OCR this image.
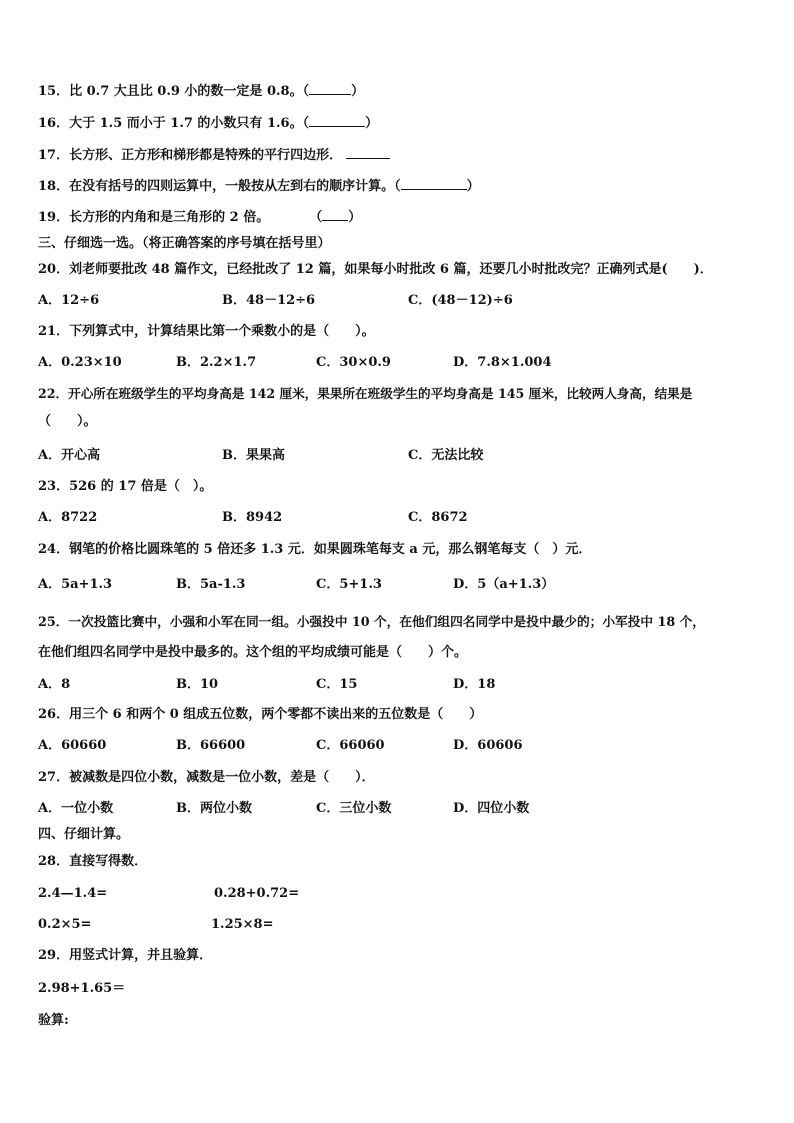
15．比 0.7 大且比 0.9 小的数一定是 0.8。（	）
16．大于 1.5 而小于 1.7 的小数只有 1.6。（	）
17．长方形、正方形和梯形都是特殊的平行四边形．
18．在没有括号的四则运算中，一般按从左到右的顺序计算。（	）
19．长方形的内角和是三角形的 2 倍。	（ ）
三、仔细选一选。（将正确答案的序号填在括号里）
20．刘老师要批改 48 篇作文，已经批改了 12 篇，如果每小时批改 6 篇，还要几小时批改完？正确列式是(　　)．
A．12÷6	B．48－12÷6	C．(48－12)÷6
21．下列算式中，计算结果比第一个乘数小的是（　　）。
A．0.23×10	B．2.2×1.7	C．30×0.9	D．7.8×1.004
22．开心所在班级学生的平均身高是 142 厘米，果果所在班级学生的平均身高是 145 厘米，比较两人身高，结果是
（　　）。
A．开心高	B．果果高	C．无法比较
23．526 的 17 倍是（　）。
A．8722	B．8942	C．8672
24．钢笔的价格比圆珠笔的 5 倍还多 1.3 元．如果圆珠笔每支 a 元，那么钢笔每支（　）元．
A．5a+1.3	B．5a-1.3	C．5+1.3	D．5（a+1.3）
25．一次投篮比赛中，小强和小军在同一组。小强投中 10 个，在他们组四名同学中是投中最少的；小军投中 18 个，
在他们组四名同学中是投中最多的。这个组的平均成绩可能是（　　）个。
A．8	B．10	C．15	D．18
26．用三个 6 和两个 0 组成五位数，两个零都不读出来的五位数是（　　）
A．60660	B．66600	C．66060	D．60606
27．被减数是四位小数，减数是一位小数，差是（　　）．
A．一位小数	B．两位小数	C．三位小数	D．四位小数
四、仔细计算。
28．直接写得数．
2.4—1.4=	0.28+0.72=
0.2×5=	1.25×8=
29．用竖式计算，并且验算．
2.98+1.65＝
验算:
